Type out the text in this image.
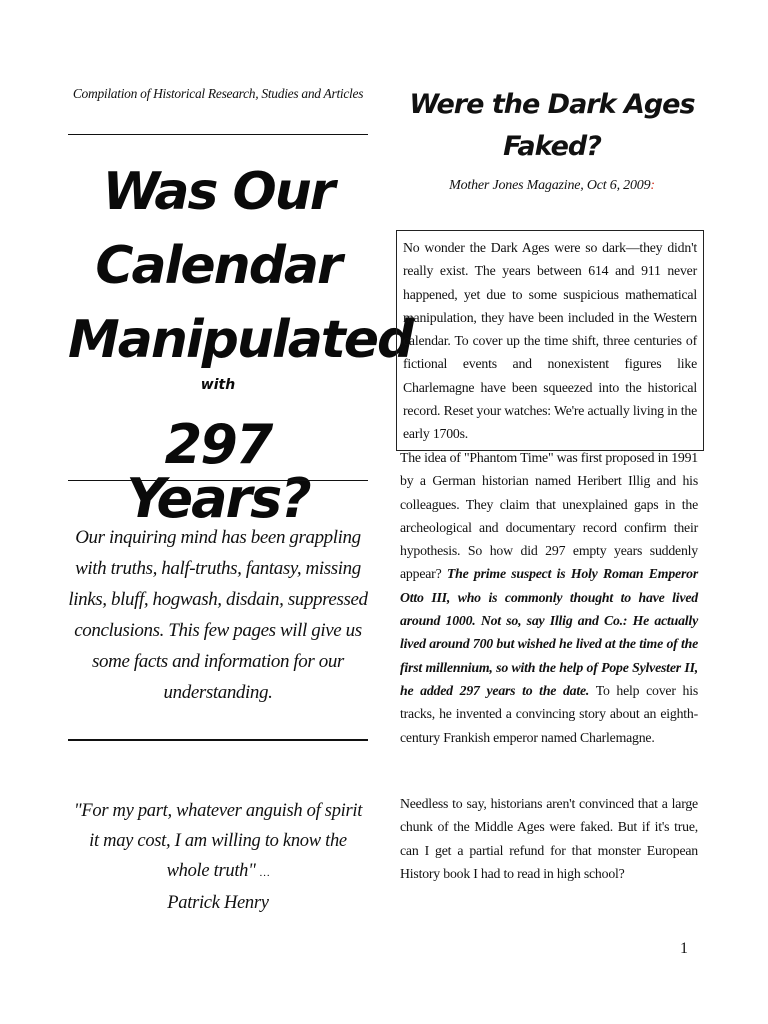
Compilation of Historical Research, Studies and Articles
Was Our
Calendar
Manipulated
with
297 Years?
Our inquiring mind has been grappling with truths, half-truths, fantasy, missing links, bluff, hogwash, disdain, suppressed conclusions. This few pages will give us some facts and information for our understanding.
"For my part, whatever anguish of spirit it may cost, I am willing to know the whole truth" …
Patrick Henry
Were the Dark Ages Faked?
Mother Jones Magazine, Oct 6, 2009:
No wonder the Dark Ages were so dark—they didn't really exist. The years between 614 and 911 never happened, yet due to some suspicious mathematical manipulation, they have been included in the Western calendar. To cover up the time shift, three centuries of fictional events and nonexistent figures like Charlemagne have been squeezed into the historical record. Reset your watches: We're actually living in the early 1700s.
The idea of "Phantom Time" was first proposed in 1991 by a German historian named Heribert Illig and his colleagues. They claim that unexplained gaps in the archeological and documentary record confirm their hypothesis. So how did 297 empty years suddenly appear? The prime suspect is Holy Roman Emperor Otto III, who is commonly thought to have lived around 1000. Not so, say Illig and Co.: He actually lived around 700 but wished he lived at the time of the first millennium, so with the help of Pope Sylvester II, he added 297 years to the date. To help cover his tracks, he invented a convincing story about an eighth-century Frankish emperor named Charlemagne.
Needless to say, historians aren't convinced that a large chunk of the Middle Ages were faked. But if it's true, can I get a partial refund for that monster European History book I had to read in high school?
1
